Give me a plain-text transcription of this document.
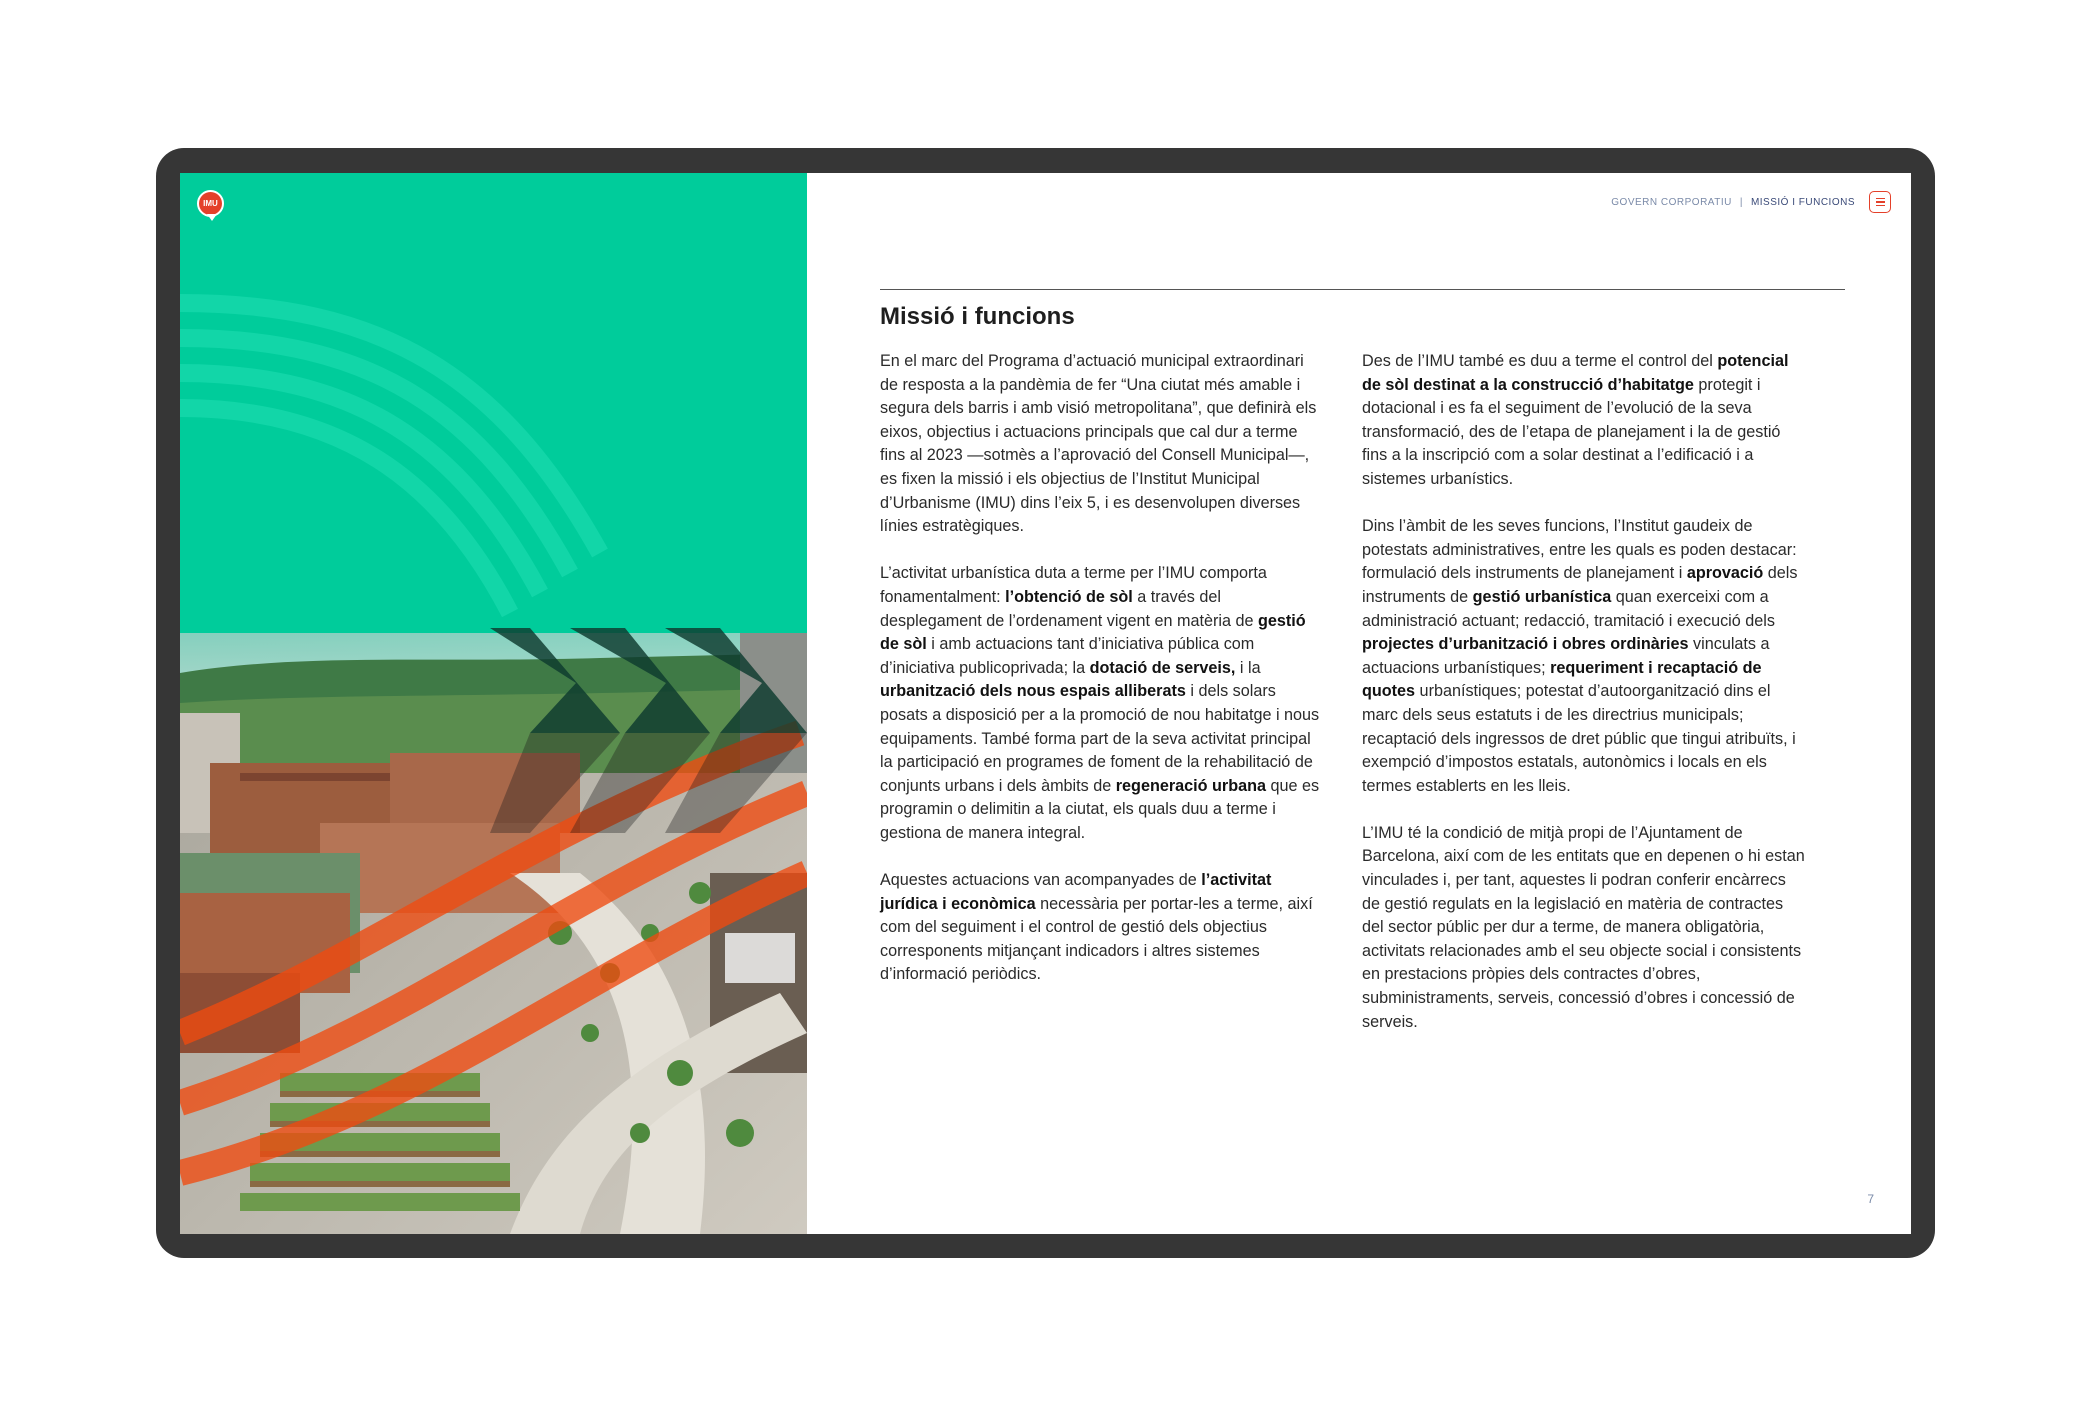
IMU	GOVERN CORPORATIU | MISSIÓ I FUNCIONS
Missió i funcions

En el marc del Programa d’actuació municipal extraordinari de resposta a la pandèmia de fer “Una ciutat més amable i segura dels barris i amb visió metropolitana”, que definirà els eixos, objectius i actuacions principals que cal dur a terme fins al 2023 —sotmès a l’aprovació del Consell Municipal—, es fixen la missió i els objectius de l’Institut Municipal d’Urbanisme (IMU) dins l’eix 5, i es desenvolupen diverses línies estratègiques.

L’activitat urbanística duta a terme per l’IMU comporta fonamentalment: l’obtenció de sòl a través del desplegament de l’ordenament vigent en matèria de gestió de sòl i amb actuacions tant d’iniciativa pública com d’iniciativa publicoprivada; la dotació de serveis, i la urbanització dels nous espais alliberats i dels solars posats a disposició per a la promoció de nou habitatge i nous equipaments. També forma part de la seva activitat principal la participació en programes de foment de la rehabilitació de conjunts urbans i dels àmbits de regeneració urbana que es programin o delimitin a la ciutat, els quals duu a terme i gestiona de manera integral.

Aquestes actuacions van acompanyades de l’activitat jurídica i econòmica necessària per portar-les a terme, així com del seguiment i el control de gestió dels objectius corresponents mitjançant indicadors i altres sistemes d’informació periòdics.

Des de l’IMU també es duu a terme el control del potencial de sòl destinat a la construcció d’habitatge protegit i dotacional i es fa el seguiment de l’evolució de la seva transformació, des de l’etapa de planejament i la de gestió fins a la inscripció com a solar destinat a l’edificació i a sistemes urbanístics.

Dins l’àmbit de les seves funcions, l’Institut gaudeix de potestats administratives, entre les quals es poden destacar: formulació dels instruments de planejament i aprovació dels instruments de gestió urbanística quan exerceixi com a administració actuant; redacció, tramitació i execució dels projectes d’urbanització i obres ordinàries vinculats a actuacions urbanístiques; requeriment i recaptació de quotes urbanístiques; potestat d’autoorganització dins el marc dels seus estatuts i de les directrius municipals; recaptació dels ingressos de dret públic que tingui atribuïts, i exempció d’impostos estatals, autonòmics i locals en els termes establerts en les lleis.

L’IMU té la condició de mitjà propi de l’Ajuntament de Barcelona, així com de les entitats que en depenen o hi estan vinculades i, per tant, aquestes li podran conferir encàrrecs de gestió regulats en la legislació en matèria de contractes del sector públic per dur a terme, de manera obligatòria, activitats relacionades amb el seu objecte social i consistents en prestacions pròpies dels contractes d’obres, subministraments, serveis, concessió d’obres i concessió de serveis.

7
